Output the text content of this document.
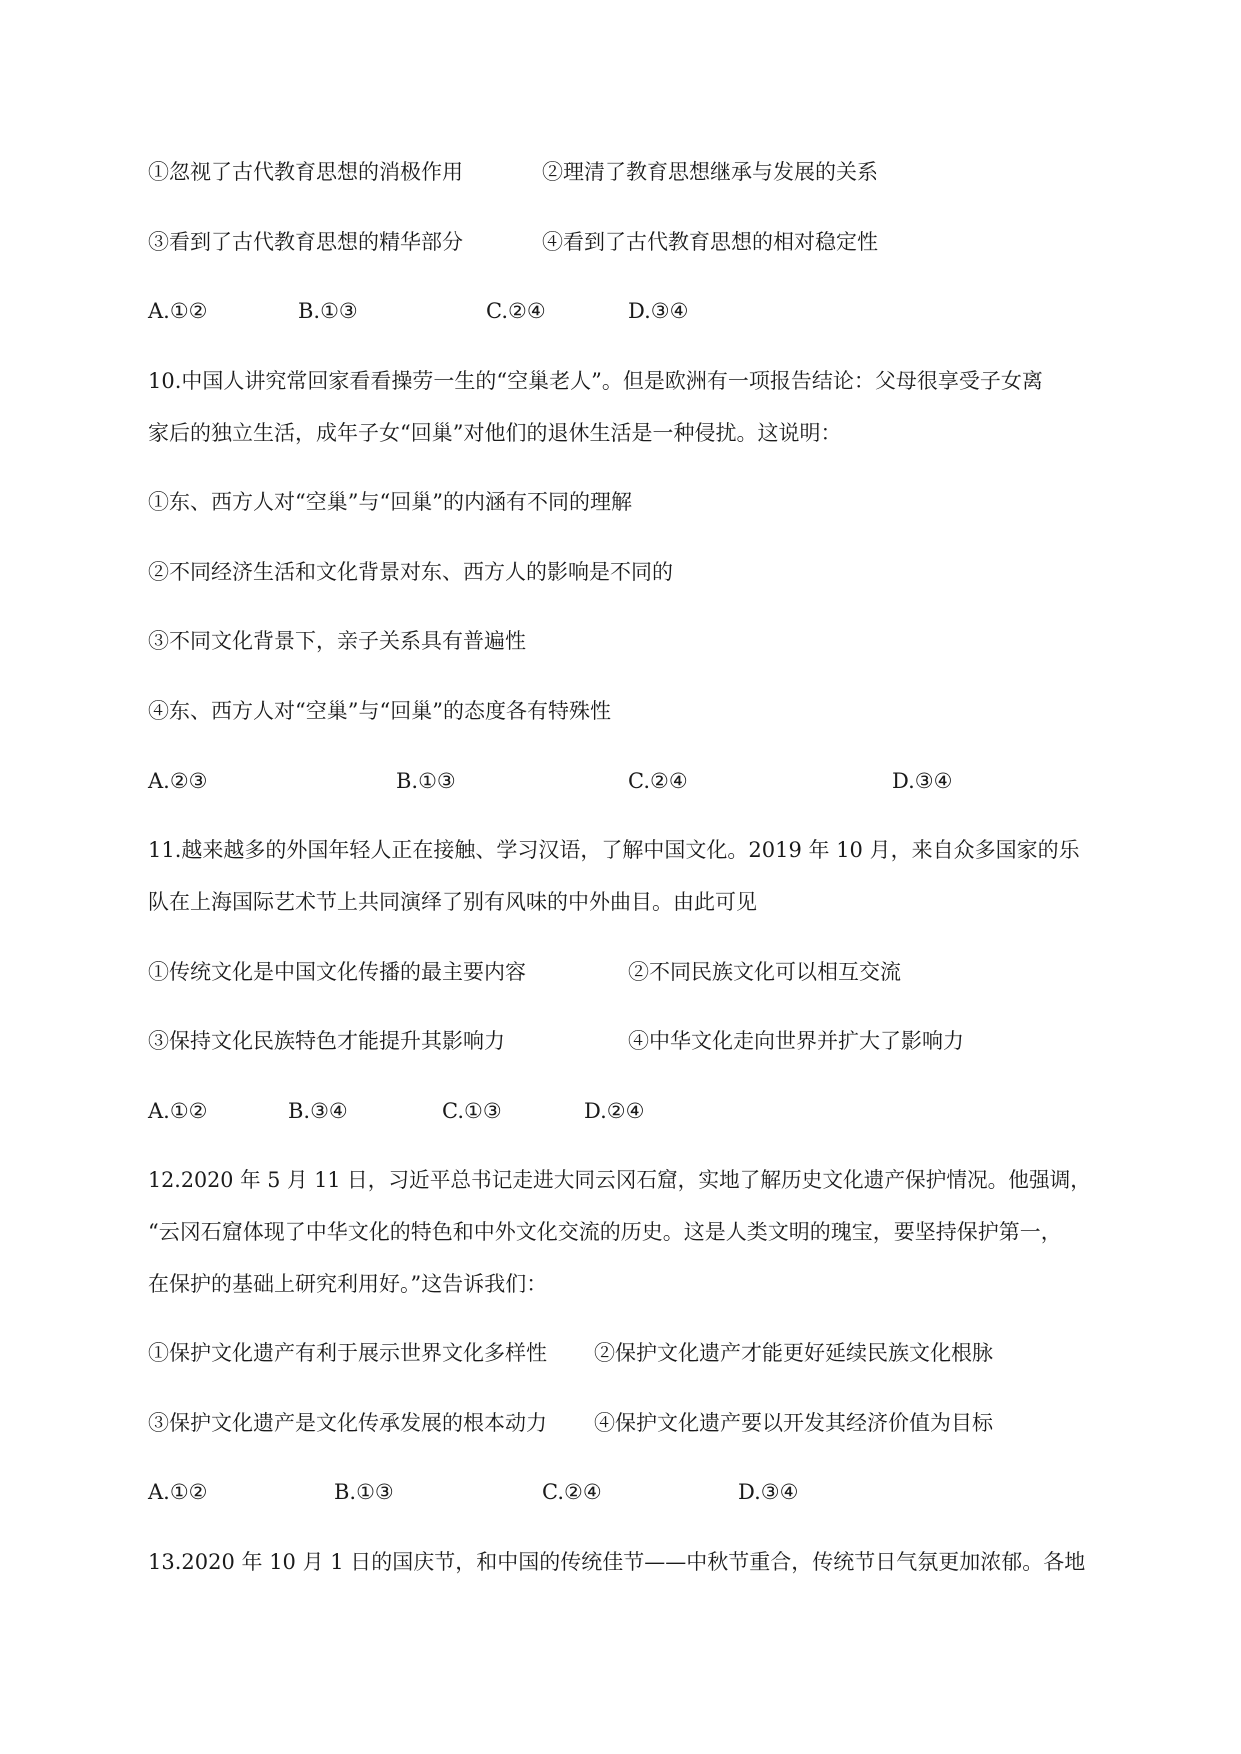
①忽视了古代教育思想的消极作用	②理清了教育思想继承与发展的关系
③看到了古代教育思想的精华部分	④看到了古代教育思想的相对稳定性
A.①②	B.①③	C.②④	D.③④
10.中国人讲究常回家看看操劳一生的“空巢老人”。但是欧洲有一项报告结论：父母很享受子女离
家后的独立生活，成年子女“回巢”对他们的退休生活是一种侵扰。这说明：
①东、西方人对“空巢”与“回巢”的内涵有不同的理解
②不同经济生活和文化背景对东、西方人的影响是不同的
③不同文化背景下，亲子关系具有普遍性
④东、西方人对“空巢”与“回巢”的态度各有特殊性
A.②③	B.①③	C.②④	D.③④
11.越来越多的外国年轻人正在接触、学习汉语，了解中国文化。2019 年 10 月，来自众多国家的乐
队在上海国际艺术节上共同演绎了别有风味的中外曲目。由此可见
①传统文化是中国文化传播的最主要内容	②不同民族文化可以相互交流
③保持文化民族特色才能提升其影响力	④中华文化走向世界并扩大了影响力
A.①②	B.③④	C.①③	D.②④
12.2020 年 5 月 11 日，习近平总书记走进大同云冈石窟，实地了解历史文化遗产保护情况。他强调，
“云冈石窟体现了中华文化的特色和中外文化交流的历史。这是人类文明的瑰宝，要坚持保护第一，
在保护的基础上研究利用好。”这告诉我们：
①保护文化遗产有利于展示世界文化多样性 ②保护文化遗产才能更好延续民族文化根脉
③保护文化遗产是文化传承发展的根本动力 ④保护文化遗产要以开发其经济价值为目标
A.①②	B.①③	C.②④	D.③④
13.2020 年 10 月 1 日的国庆节，和中国的传统佳节——中秋节重合，传统节日气氛更加浓郁。各地
